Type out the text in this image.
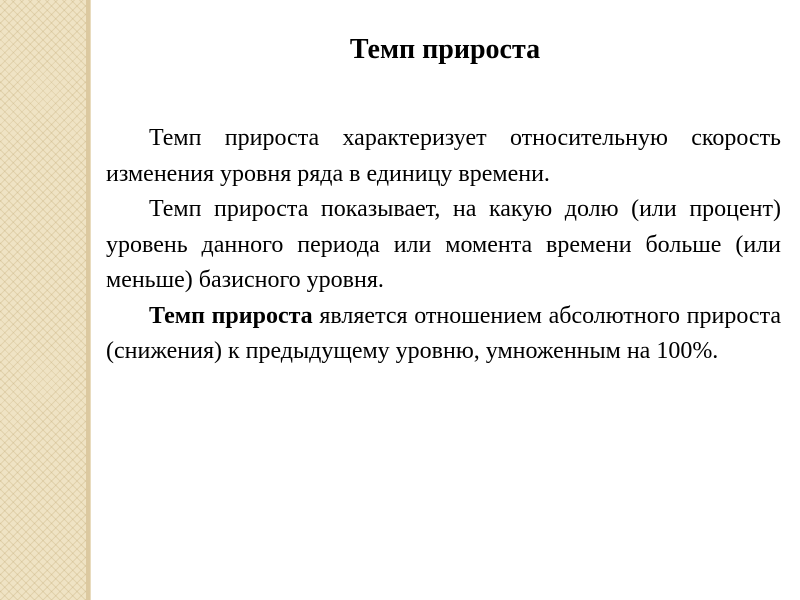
Темп прироста

Темп прироста характеризует относительную скорость изменения уровня ряда в единицу времени.

Темп прироста показывает, на какую долю (или процент) уровень данного периода или момента времени больше (или меньше) базисного уровня.

Темп прироста является отношением абсолютного прироста (снижения) к предыдущему уровню, умноженным на 100%.
